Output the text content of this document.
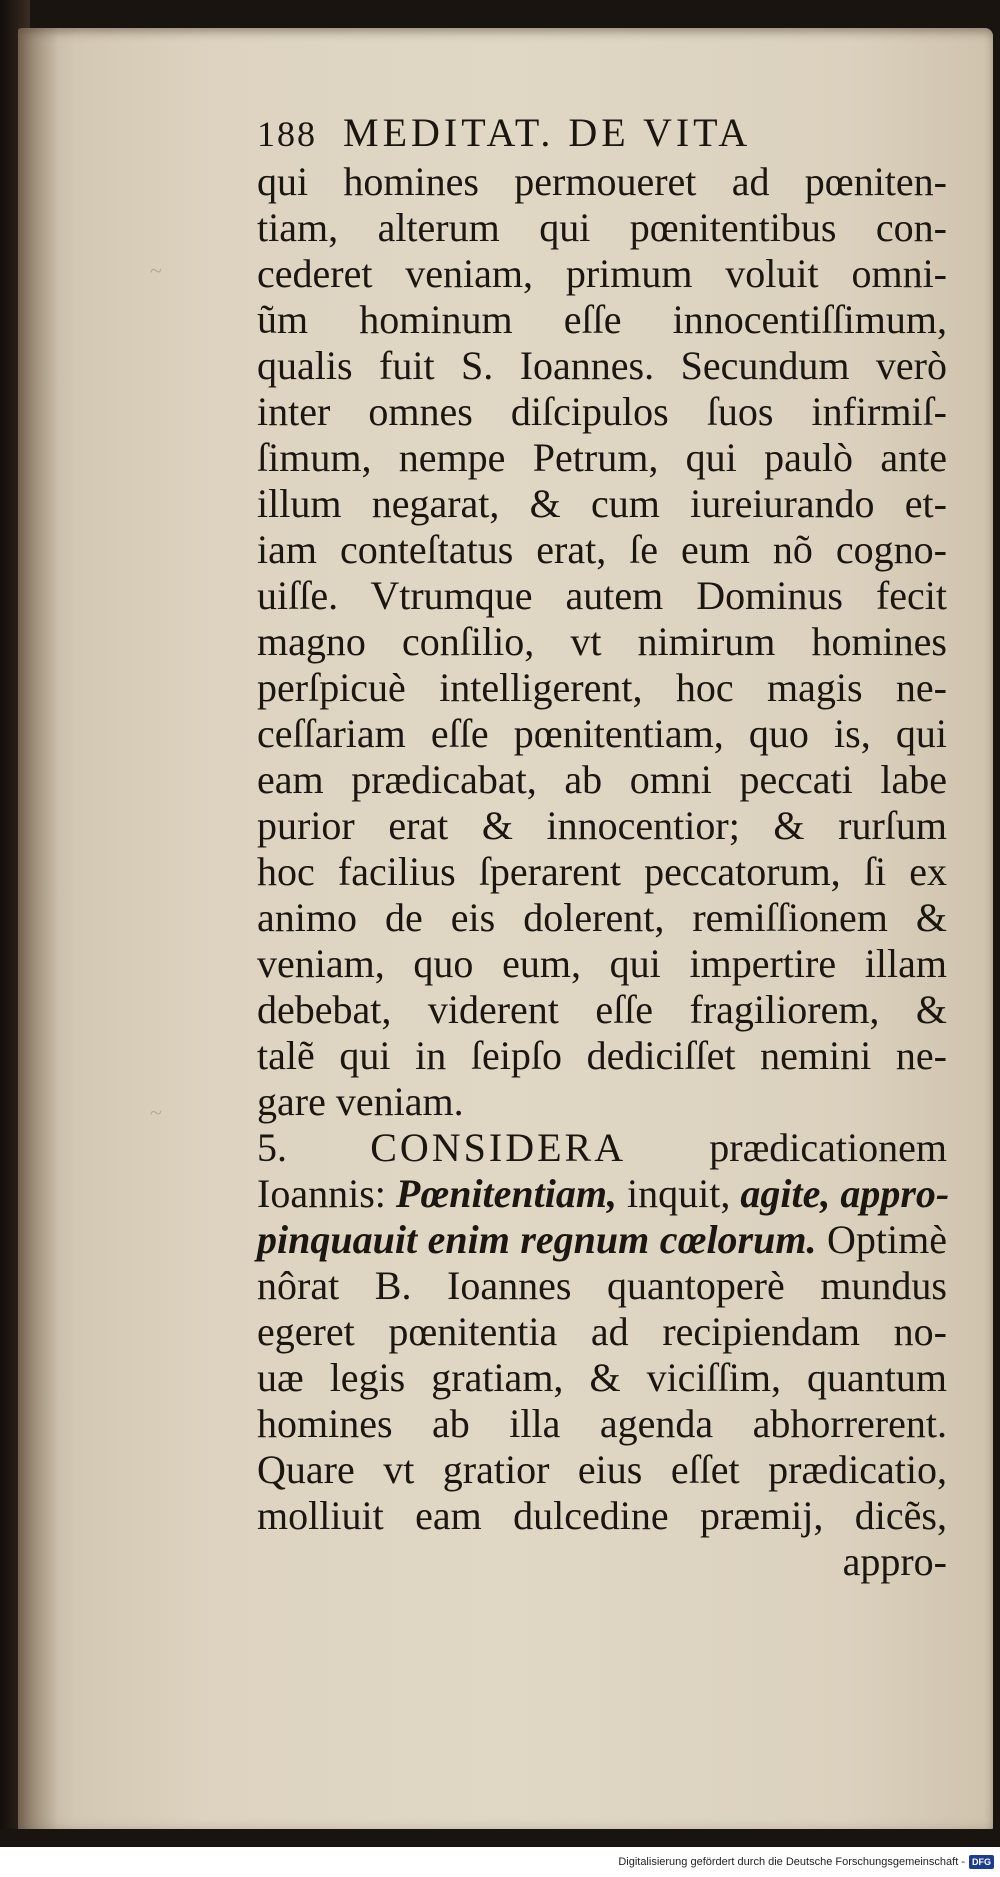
~
~
188 MEDITAT. DE VITA
qui homines permoueret ad pœniten-
tiam, alterum qui pœnitentibus con-
cederet veniam, primum voluit omni-
ũm hominum eſſe innocentiſſimum,
qualis fuit S. Ioannes. Secundum verò
inter omnes diſcipulos ſuos infirmiſ-
ſimum, nempe Petrum, qui paulò ante
illum negarat, & cum iureiurando et-
iam conteſtatus erat, ſe eum nõ cogno-
uiſſe. Vtrumque autem Dominus fecit
magno conſilio, vt nimirum homines
perſpicuè intelligerent, hoc magis ne-
ceſſariam eſſe pœnitentiam, quo is, qui
eam prædicabat, ab omni peccati labe
purior erat & innocentior; & rurſum
hoc facilius ſperarent peccatorum, ſi ex
animo de eis dolerent, remiſſionem &
veniam, quo eum, qui impertire illam
debebat, viderent eſſe fragiliorem, &
talẽ qui in ſeipſo dediciſſet nemini ne-
gare veniam.
5. CONSIDERA prædicationem
Ioannis: Pœnitentiam, inquit, agite, appro-
pinquauit enim regnum cœlorum. Optimè
nôrat B. Ioannes quantoperè mundus
egeret pœnitentia ad recipiendam no-
uæ legis gratiam, & viciſſim, quantum
homines ab illa agenda abhorrerent.
Quare vt gratior eius eſſet prædicatio,
molliuit eam dulcedine præmij, dicẽs,
appro-
Digitalisierung gefördert durch die Deutsche Forschungsgemeinschaft - DFG
